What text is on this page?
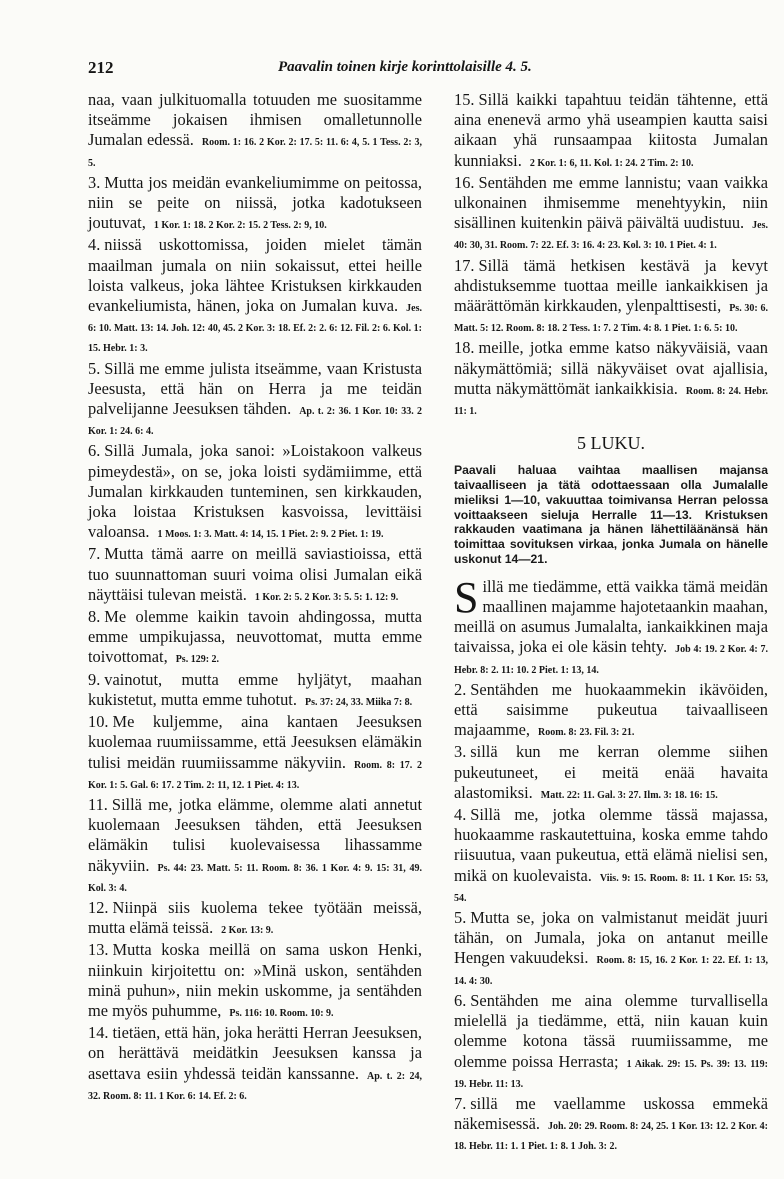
212	Paavalin toinen kirje korinttolaisille 4. 5.

naa, vaan julkituomalla totuuden me suositamme itseämme jokaisen ihmisen omalletunnolle Jumalan edessä. Room. 1: 16. 2 Kor. 2: 17. 5: 11. 6: 4, 5. 1 Tess. 2: 3, 5.

3. Mutta jos meidän evankeliumimme on peitossa, niin se peite on niissä, jotka kadotukseen joutuvat, 1 Kor. 1: 18. 2 Kor. 2: 15. 2 Tess. 2: 9, 10.

4. niissä uskottomissa, joiden mielet tämän maailman jumala on niin sokaissut, ettei heille loista valkeus, joka lähtee Kristuksen kirkkauden evankeliumista, hänen, joka on Jumalan kuva. Jes. 6: 10. Matt. 13: 14. Joh. 12: 40, 45. 2 Kor. 3: 18. Ef. 2: 2. 6: 12. Fil. 2: 6. Kol. 1: 15. Hebr. 1: 3.

5. Sillä me emme julista itseämme, vaan Kristusta Jeesusta, että hän on Herra ja me teidän palvelijanne Jeesuksen tähden. Ap. t. 2: 36. 1 Kor. 10: 33. 2 Kor. 1: 24. 6: 4.

6. Sillä Jumala, joka sanoi: »Loistakoon valkeus pimeydestä», on se, joka loisti sydämiimme, että Jumalan kirkkauden tunteminen, sen kirkkauden, joka loistaa Kristuksen kasvoissa, levittäisi valoansa. 1 Moos. 1: 3. Matt. 4: 14, 15. 1 Piet. 2: 9. 2 Piet. 1: 19.

7. Mutta tämä aarre on meillä saviastioissa, että tuo suunnattoman suuri voima olisi Jumalan eikä näyttäisi tulevan meistä. 1 Kor. 2: 5. 2 Kor. 3: 5. 5: 1. 12: 9.

8. Me olemme kaikin tavoin ahdingossa, mutta emme umpikujassa, neuvottomat, mutta emme toivottomat, Ps. 129: 2.

9. vainotut, mutta emme hyljätyt, maahan kukistetut, mutta emme tuhotut. Ps. 37: 24, 33. Miika 7: 8.

10. Me kuljemme, aina kantaen Jeesuksen kuolemaa ruumiissamme, että Jeesuksen elämäkin tulisi meidän ruumiissamme näkyviin. Room. 8: 17. 2 Kor. 1: 5. Gal. 6: 17. 2 Tim. 2: 11, 12. 1 Piet. 4: 13.

11. Sillä me, jotka elämme, olemme alati annetut kuolemaan Jeesuksen tähden, että Jeesuksen elämäkin tulisi kuolevaisessa lihassamme näkyviin. Ps. 44: 23. Matt. 5: 11. Room. 8: 36. 1 Kor. 4: 9. 15: 31, 49. Kol. 3: 4.

12. Niinpä siis kuolema tekee työtään meissä, mutta elämä teissä. 2 Kor. 13: 9.

13. Mutta koska meillä on sama uskon Henki, niinkuin kirjoitettu on: »Minä uskon, sentähden minä puhun», niin mekin uskomme, ja sentähden me myös puhumme, Ps. 116: 10. Room. 10: 9.

14. tietäen, että hän, joka herätti Herran Jeesuksen, on herättävä meidätkin Jeesuksen kanssa ja asettava esiin yhdessä teidän kanssanne. Ap. t. 2: 24, 32. Room. 8: 11. 1 Kor. 6: 14. Ef. 2: 6.

15. Sillä kaikki tapahtuu teidän tähtenne, että aina enenevä armo yhä useampien kautta saisi aikaan yhä runsaampaa kiitosta Jumalan kunniaksi. 2 Kor. 1: 6, 11. Kol. 1: 24. 2 Tim. 2: 10.

16. Sentähden me emme lannistu; vaan vaikka ulkonainen ihmisemme menehtyykin, niin sisällinen kuitenkin päivä päivältä uudistuu. Jes. 40: 30, 31. Room. 7: 22. Ef. 3: 16. 4: 23. Kol. 3: 10. 1 Piet. 4: 1.

17. Sillä tämä hetkisen kestävä ja kevyt ahdistuksemme tuottaa meille iankaikkisen ja määrättömän kirkkauden, ylenpalttisesti, Ps. 30: 6. Matt. 5: 12. Room. 8: 18. 2 Tess. 1: 7. 2 Tim. 4: 8. 1 Piet. 1: 6. 5: 10.

18. meille, jotka emme katso näkyväisiä, vaan näkymättömiä; sillä näkyväiset ovat ajallisia, mutta näkymättömät iankaikkisia. Room. 8: 24. Hebr. 11: 1.

5 LUKU.

Paavali haluaa vaihtaa maallisen majansa taivaalliseen ja tätä odottaessaan olla Jumalalle mieliksi 1—10, vakuuttaa toimivansa Herran pelossa voittaakseen sieluja Herralle 11—13. Kristuksen rakkauden vaatimana ja hänen lähettiläänänsä hän toimittaa sovituksen virkaa, jonka Jumala on hänelle uskonut 14—21.

Sillä me tiedämme, että vaikka tämä meidän maallinen majamme hajotetaankin maahan, meillä on asumus Jumalalta, iankaikkinen maja taivaissa, joka ei ole käsin tehty. Job 4: 19. 2 Kor. 4: 7. Hebr. 8: 2. 11: 10. 2 Piet. 1: 13, 14.

2. Sentähden me huokaammekin ikävöiden, että saisimme pukeutua taivaalliseen majaamme, Room. 8: 23. Fil. 3: 21.

3. sillä kun me kerran olemme siihen pukeutuneet, ei meitä enää havaita alastomiksi. Matt. 22: 11. Gal. 3: 27. Ilm. 3: 18. 16: 15.

4. Sillä me, jotka olemme tässä majassa, huokaamme raskautettuina, koska emme tahdo riisuutua, vaan pukeutua, että elämä nielisi sen, mikä on kuolevaista. Viis. 9: 15. Room. 8: 11. 1 Kor. 15: 53, 54.

5. Mutta se, joka on valmistanut meidät juuri tähän, on Jumala, joka on antanut meille Hengen vakuudeksi. Room. 8: 15, 16. 2 Kor. 1: 22. Ef. 1: 13, 14. 4: 30.

6. Sentähden me aina olemme turvallisella mielellä ja tiedämme, että, niin kauan kuin olemme kotona tässä ruumiissamme, me olemme poissa Herrasta; 1 Aikak. 29: 15. Ps. 39: 13. 119: 19. Hebr. 11: 13.

7. sillä me vaellamme uskossa emmekä näkemisessä. Joh. 20: 29. Room. 8: 24, 25. 1 Kor. 13: 12. 2 Kor. 4: 18. Hebr. 11: 1. 1 Piet. 1: 8. 1 Joh. 3: 2.
